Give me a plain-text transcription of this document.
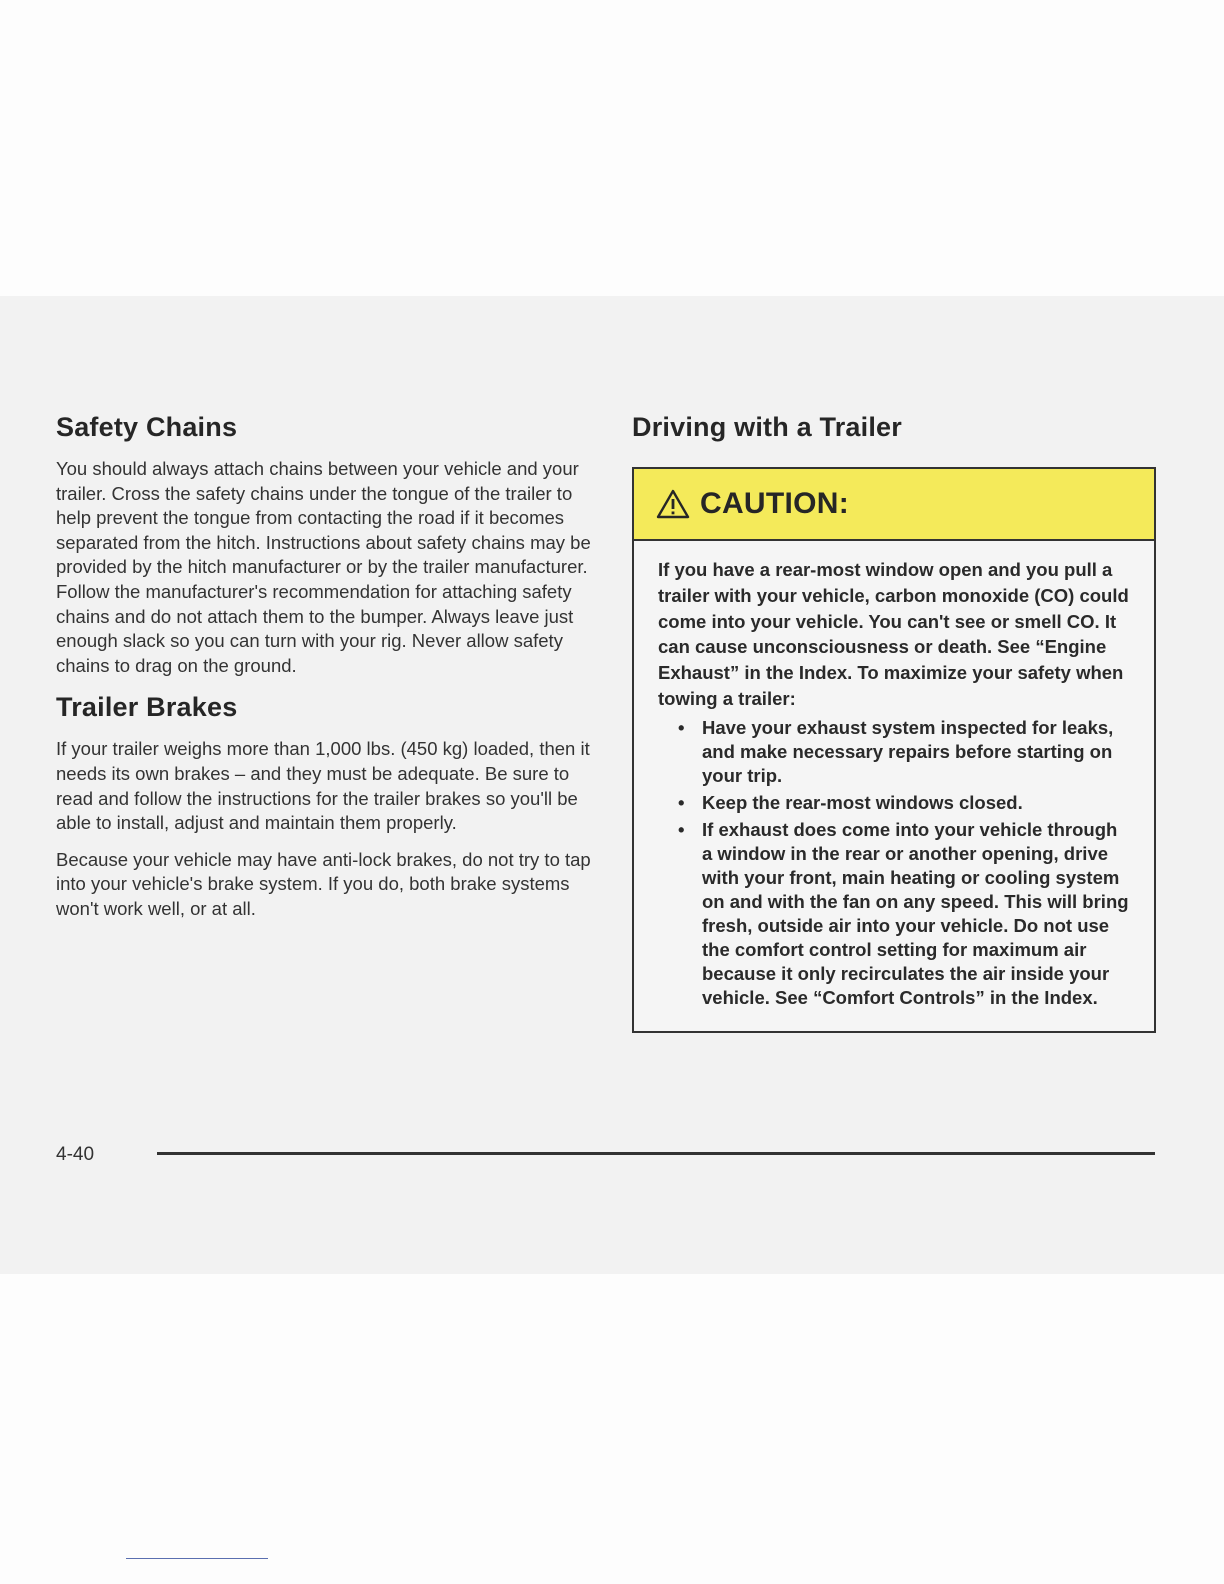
Safety Chains

You should always attach chains between your vehicle and your trailer. Cross the safety chains under the tongue of the trailer to help prevent the tongue from contacting the road if it becomes separated from the hitch. Instructions about safety chains may be provided by the hitch manufacturer or by the trailer manufacturer. Follow the manufacturer's recommendation for attaching safety chains and do not attach them to the bumper. Always leave just enough slack so you can turn with your rig. Never allow safety chains to drag on the ground.

Trailer Brakes

If your trailer weighs more than 1,000 lbs. (450 kg) loaded, then it needs its own brakes – and they must be adequate. Be sure to read and follow the instructions for the trailer brakes so you'll be able to install, adjust and maintain them properly.

Because your vehicle may have anti-lock brakes, do not try to tap into your vehicle's brake system. If you do, both brake systems won't work well, or at all.

Driving with a Trailer
CAUTION:

If you have a rear-most window open and you pull a trailer with your vehicle, carbon monoxide (CO) could come into your vehicle. You can't see or smell CO. It can cause unconsciousness or death. See “Engine Exhaust” in the Index. To maximize your safety when towing a trailer:

• Have your exhaust system inspected for leaks, and make necessary repairs before starting on your trip.
• Keep the rear-most windows closed.
• If exhaust does come into your vehicle through a window in the rear or another opening, drive with your front, main heating or cooling system on and with the fan on any speed. This will bring fresh, outside air into your vehicle. Do not use the comfort control setting for maximum air because it only recirculates the air inside your vehicle. See “Comfort Controls” in the Index.
4-40
